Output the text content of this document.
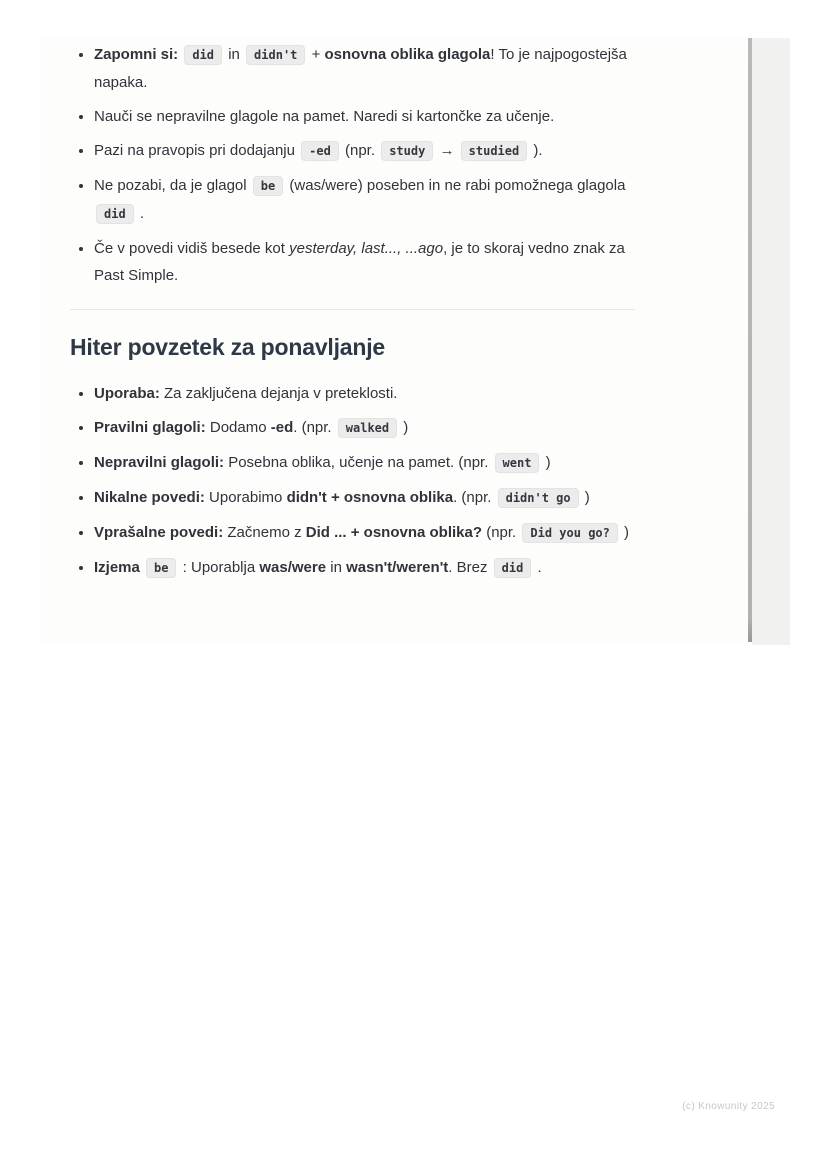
• Zapomni si: did in didn't + osnovna oblika glagola! To je najpogostejša napaka.
• Nauči se nepravilne glagole na pamet. Naredi si kartončke za učenje.
• Pazi na pravopis pri dodajanju -ed (npr. study → studied ).
• Ne pozabi, da je glagol be (was/were) poseben in ne rabi pomožnega glagola did .
• Če v povedi vidiš besede kot yesterday, last..., ...ago, je to skoraj vedno znak za Past Simple.
Hiter povzetek za ponavljanje
• Uporaba: Za zaključena dejanja v preteklosti.
• Pravilni glagoli: Dodamo -ed. (npr. walked )
• Nepravilni glagoli: Posebna oblika, učenje na pamet. (npr. went )
• Nikalne povedi: Uporabimo didn't + osnovna oblika. (npr. didn't go )
• Vprašalne povedi: Začnemo z Did ... + osnovna oblika? (npr. Did you go? )
• Izjema be : Uporablja was/were in wasn't/weren't. Brez did .
(c) Knowunity 2025
